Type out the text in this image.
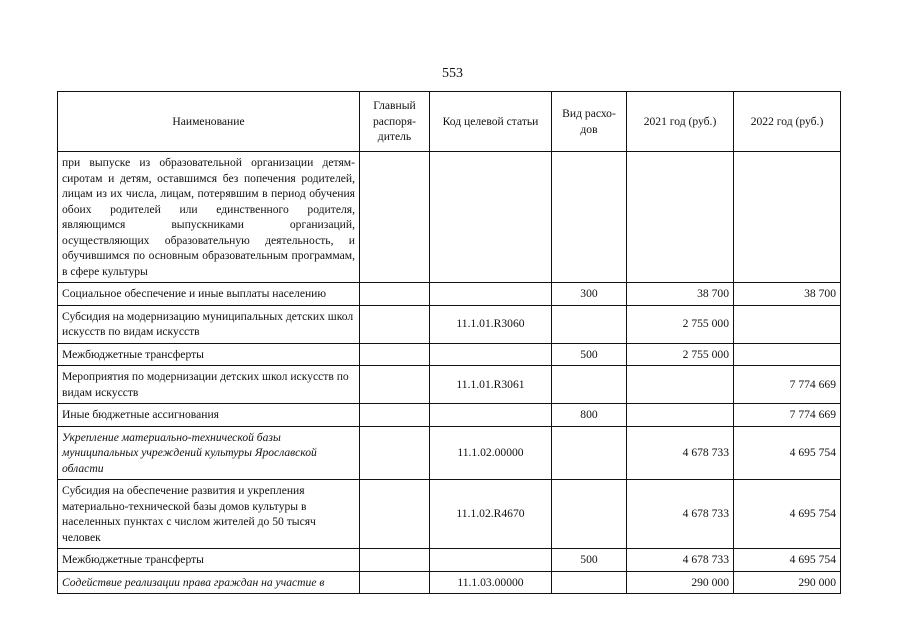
553
Наименование	Главный распоря- дитель	Код целевой статьи	Вид расхо- дов	2021 год (руб.)	2022 год (руб.)
при выпуске из образовательной организации детям-сиротам и детям, оставшимся без попечения родителей, лицам из их числа, лицам, потерявшим в период обучения обоих родителей или единственного родителя, являющимся выпускниками организаций, осуществляющих образовательную деятельность, и обучившимся по основным образовательным программам, в сфере культуры					
Социальное обеспечение и иные выплаты населению			300	38 700	38 700
Субсидия на модернизацию муниципальных детских школ искусств по видам искусств		11.1.01.R3060		2 755 000	
Межбюджетные трансферты			500	2 755 000	
Мероприятия по модернизации детских школ искусств по видам искусств		11.1.01.R3061			7 774 669
Иные бюджетные ассигнования			800		7 774 669
Укрепление материально-технической базы муниципальных учреждений культуры Ярославской области		11.1.02.00000		4 678 733	4 695 754
Субсидия на обеспечение развития и укрепления материально-технической базы домов культуры в населенных пунктах с числом жителей до 50 тысяч человек		11.1.02.R4670		4 678 733	4 695 754
Межбюджетные трансферты			500	4 678 733	4 695 754
Содействие реализации права граждан на участие в		11.1.03.00000		290 000	290 000
